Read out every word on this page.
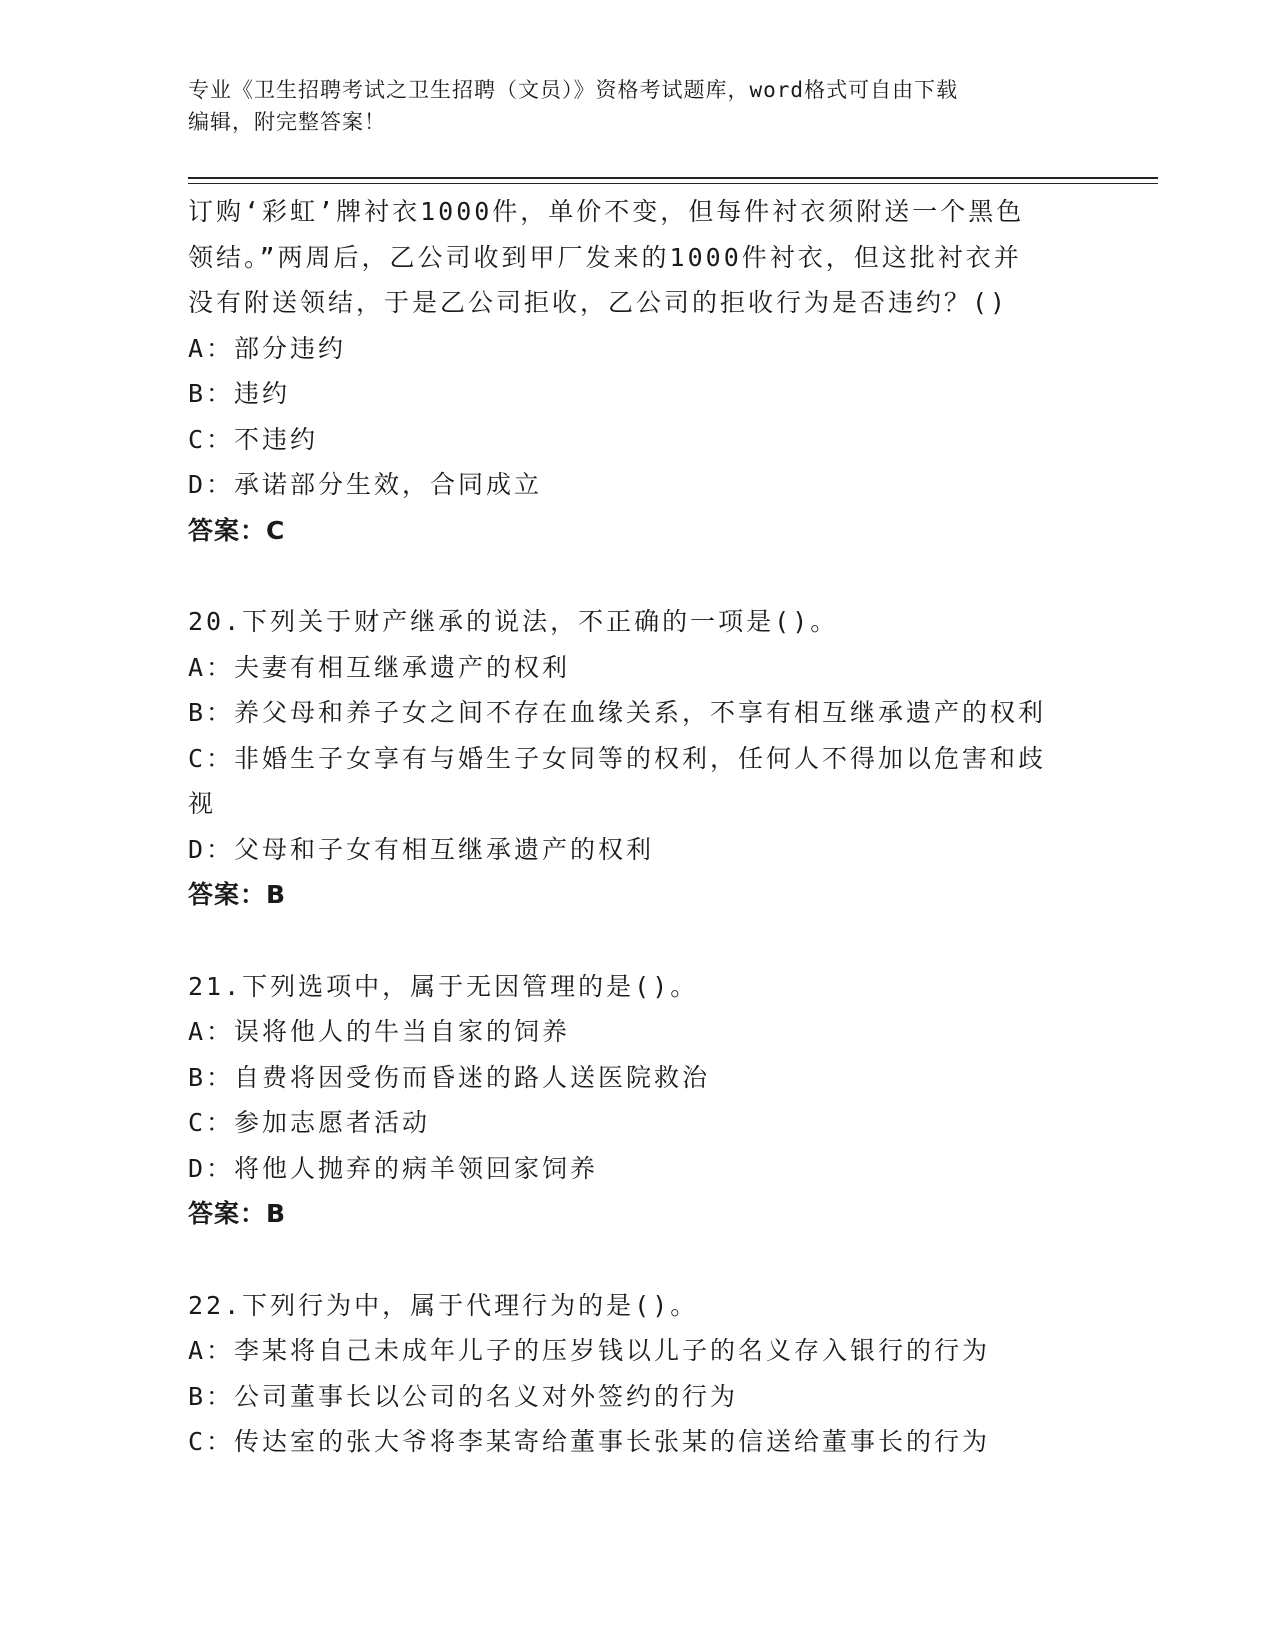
专业《卫生招聘考试之卫生招聘（文员）》资格考试题库，word格式可自由下载
编辑，附完整答案！
订购‘彩虹’牌衬衣1000件，单价不变，但每件衬衣须附送一个黑色
领结。”两周后，乙公司收到甲厂发来的1000件衬衣，但这批衬衣并
没有附送领结，于是乙公司拒收，乙公司的拒收行为是否违约？()
A：部分违约
B：违约
C：不违约
D：承诺部分生效，合同成立
答案：C
20.下列关于财产继承的说法，不正确的一项是()。
A：夫妻有相互继承遗产的权利
B：养父母和养子女之间不存在血缘关系，不享有相互继承遗产的权利
C：非婚生子女享有与婚生子女同等的权利，任何人不得加以危害和歧
视
D：父母和子女有相互继承遗产的权利
答案：B
21.下列选项中，属于无因管理的是()。
A：误将他人的牛当自家的饲养
B：自费将因受伤而昏迷的路人送医院救治
C：参加志愿者活动
D：将他人抛弃的病羊领回家饲养
答案：B
22.下列行为中，属于代理行为的是()。
A：李某将自己未成年儿子的压岁钱以儿子的名义存入银行的行为
B：公司董事长以公司的名义对外签约的行为
C：传达室的张大爷将李某寄给董事长张某的信送给董事长的行为
